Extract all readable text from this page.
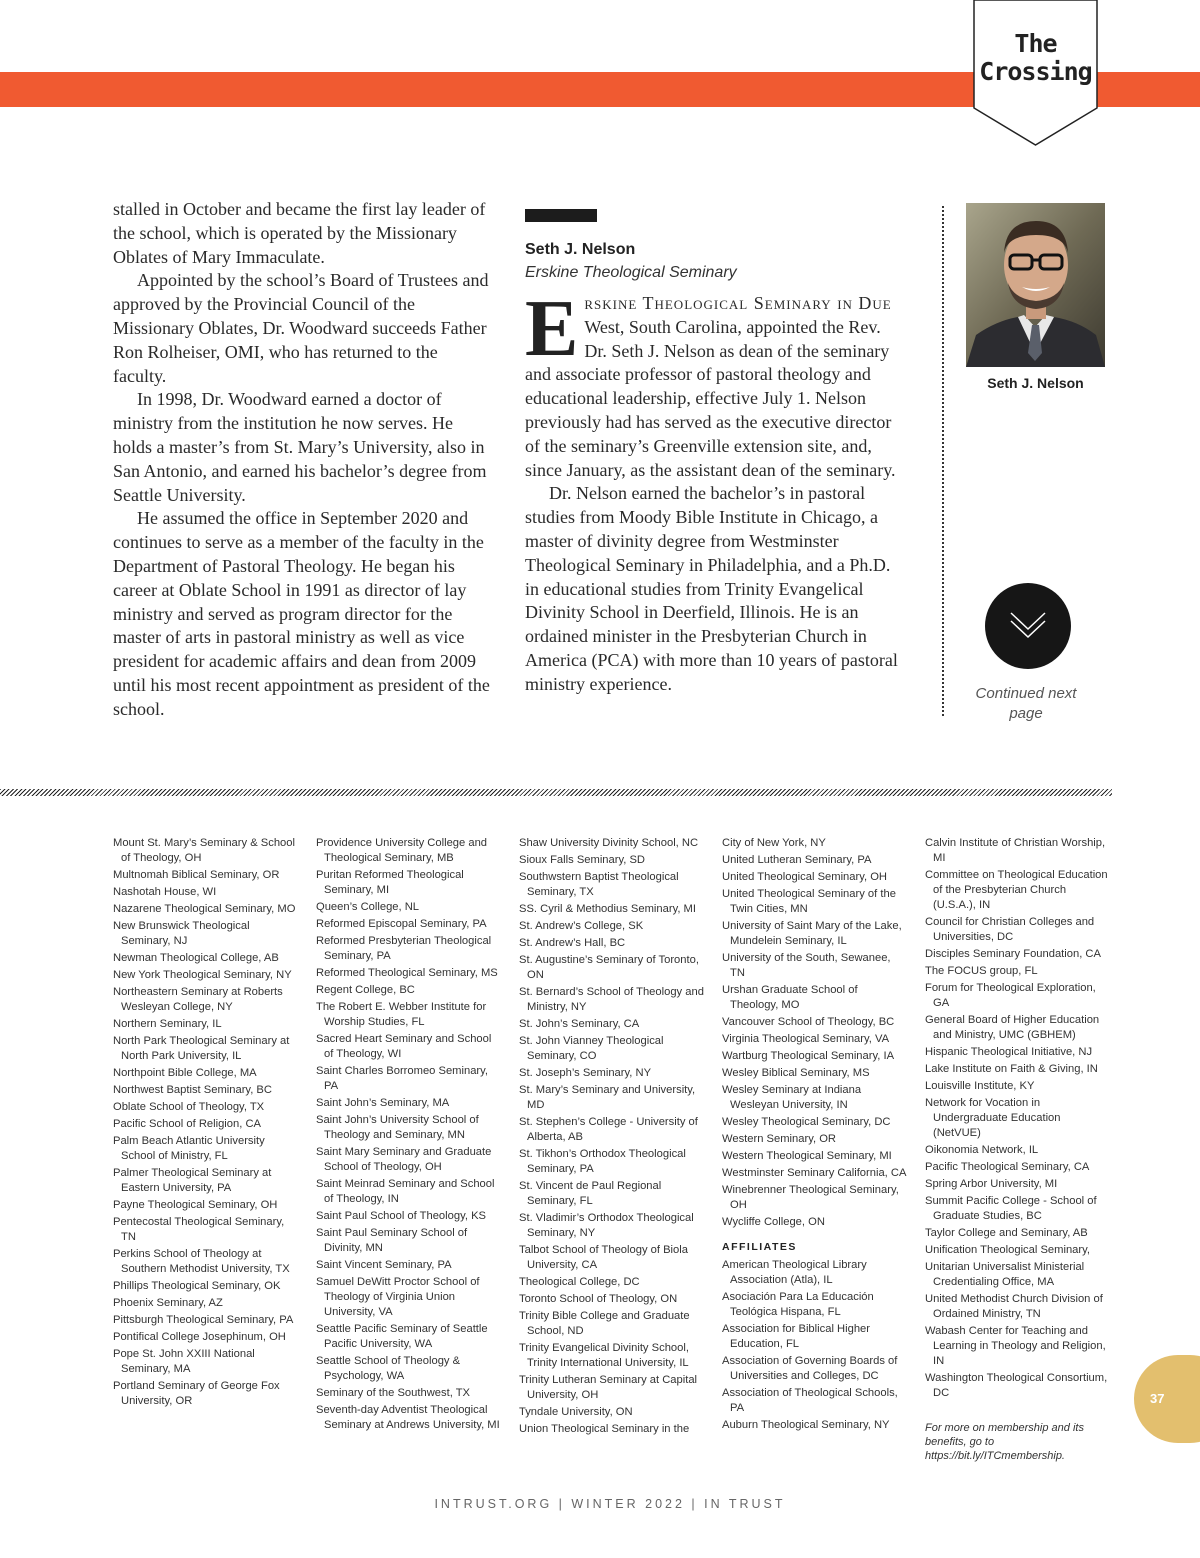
The
Crossing

stalled in October and became the first lay leader of the school, which is operated by the Missionary Oblates of Mary Immaculate.

Appointed by the school’s Board of Trustees and approved by the Provincial Council of the Missionary Oblates, Dr. Woodward succeeds Father Ron Rolheiser, OMI, who has returned to the faculty.

In 1998, Dr. Woodward earned a doctor of ministry from the institution he now serves. He holds a master’s from St. Mary’s University, also in San Antonio, and earned his bachelor’s degree from Seattle University.

He assumed the office in September 2020 and continues to serve as a member of the faculty in the Department of Pastoral Theology. He began his career at Oblate School in 1991 as director of lay ministry and served as program director for the master of arts in pastoral ministry as well as vice president for academic affairs and dean from 2009 until his most recent appointment as president of the school.

Seth J. Nelson
Erskine Theological Seminary

Erskine Theological Seminary in Due West, South Carolina, appointed the Rev. Dr. Seth J. Nelson as dean of the seminary and associate professor of pastoral theology and educational leadership, effective July 1. Nelson previously had has served as the executive director of the seminary’s Greenville extension site, and, since January, as the assistant dean of the seminary.

Dr. Nelson earned the bachelor’s in pastoral studies from Moody Bible Institute in Chicago, a master of divinity degree from Westminster Theological Seminary in Philadelphia, and a Ph.D. in educational studies from Trinity Evangelical Divinity School in Deerfield, Illinois. He is an ordained minister in the Presbyterian Church in America (PCA) with more than 10 years of pastoral ministry experience.

Seth J. Nelson
Continued next page
Mount St. Mary’s Seminary & School of Theology, OH
Multnomah Biblical Seminary, OR
Nashotah House, WI
Nazarene Theological Seminary, MO
New Brunswick Theological Seminary, NJ
Newman Theological College, AB
New York Theological Seminary, NY
Northeastern Seminary at Roberts Wesleyan College, NY
Northern Seminary, IL
North Park Theological Seminary at North Park University, IL
Northpoint Bible College, MA
Northwest Baptist Seminary, BC
Oblate School of Theology, TX
Pacific School of Religion, CA
Palm Beach Atlantic University School of Ministry, FL
Palmer Theological Seminary at Eastern University, PA
Payne Theological Seminary, OH
Pentecostal Theological Seminary, TN
Perkins School of Theology at Southern Methodist University, TX
Phillips Theological Seminary, OK
Phoenix Seminary, AZ
Pittsburgh Theological Seminary, PA
Pontifical College Josephinum, OH
Pope St. John XXIII National Seminary, MA
Portland Seminary of George Fox University, OR
Providence University College and Theological Seminary, MB
Puritan Reformed Theological Seminary, MI
Queen’s College, NL
Reformed Episcopal Seminary, PA
Reformed Presbyterian Theological Seminary, PA
Reformed Theological Seminary, MS
Regent College, BC
The Robert E. Webber Institute for Worship Studies, FL
Sacred Heart Seminary and School of Theology, WI
Saint Charles Borromeo Seminary, PA
Saint John’s Seminary, MA
Saint John’s University School of Theology and Seminary, MN
Saint Mary Seminary and Graduate School of Theology, OH
Saint Meinrad Seminary and School of Theology, IN
Saint Paul School of Theology, KS
Saint Paul Seminary School of Divinity, MN
Saint Vincent Seminary, PA
Samuel DeWitt Proctor School of Theology of Virginia Union University, VA
Seattle Pacific Seminary of Seattle Pacific University, WA
Seattle School of Theology & Psychology, WA
Seminary of the Southwest, TX
Seventh-day Adventist Theological Seminary at Andrews University, MI
Shaw University Divinity School, NC
Sioux Falls Seminary, SD
Southwstern Baptist Theological Seminary, TX
SS. Cyril & Methodius Seminary, MI
St. Andrew’s College, SK
St. Andrew’s Hall, BC
St. Augustine’s Seminary of Toronto, ON
St. Bernard’s School of Theology and Ministry, NY
St. John’s Seminary, CA
St. John Vianney Theological Seminary, CO
St. Joseph’s Seminary, NY
St. Mary’s Seminary and University, MD
St. Stephen’s College - University of Alberta, AB
St. Tikhon’s Orthodox Theological Seminary, PA
St. Vincent de Paul Regional Seminary, FL
St. Vladimir’s Orthodox Theological Seminary, NY
Talbot School of Theology of Biola University, CA
Theological College, DC
Toronto School of Theology, ON
Trinity Bible College and Graduate School, ND
Trinity Evangelical Divinity School, Trinity International University, IL
Trinity Lutheran Seminary at Capital University, OH
Tyndale University, ON
Union Theological Seminary in the
City of New York, NY
United Lutheran Seminary, PA
United Theological Seminary, OH
United Theological Seminary of the Twin Cities, MN
University of Saint Mary of the Lake, Mundelein Seminary, IL
University of the South, Sewanee, TN
Urshan Graduate School of Theology, MO
Vancouver School of Theology, BC
Virginia Theological Seminary, VA
Wartburg Theological Seminary, IA
Wesley Biblical Seminary, MS
Wesley Seminary at Indiana Wesleyan University, IN
Wesley Theological Seminary, DC
Western Seminary, OR
Western Theological Seminary, MI
Westminster Seminary California, CA
Winebrenner Theological Seminary, OH
Wycliffe College, ON
AFFILIATES
American Theological Library Association (Atla), IL
Asociación Para La Educación Teológica Hispana, FL
Association for Biblical Higher Education, FL
Association of Governing Boards of Universities and Colleges, DC
Association of Theological Schools, PA
Auburn Theological Seminary, NY
Calvin Institute of Christian Worship, MI
Committee on Theological Education of the Presbyterian Church (U.S.A.), IN
Council for Christian Colleges and Universities, DC
Disciples Seminary Foundation, CA
The FOCUS group, FL
Forum for Theological Exploration, GA
General Board of Higher Education and Ministry, UMC (GBHEM)
Hispanic Theological Initiative, NJ
Lake Institute on Faith & Giving, IN
Louisville Institute, KY
Network for Vocation in Undergraduate Education (NetVUE)
Oikonomia Network, IL
Pacific Theological Seminary, CA
Spring Arbor University, MI
Summit Pacific College - School of Graduate Studies, BC
Taylor College and Seminary, AB
Unification Theological Seminary,
Unitarian Universalist Ministerial Credentialing Office, MA
United Methodist Church Division of Ordained Ministry, TN
Wabash Center for Teaching and Learning in Theology and Religion, IN
Washington Theological Consortium, DC
For more on membership and its benefits, go to https://bit.ly/ITCmembership.
37
INTRUST.ORG | WINTER 2022 | IN TRUST
